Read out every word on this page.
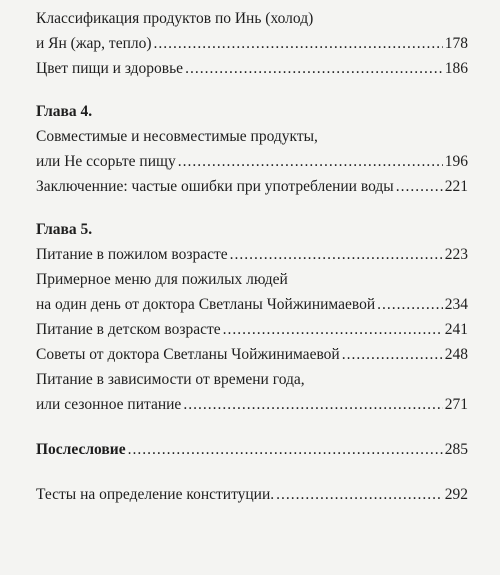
Классификация продуктов по Инь (холод)
и Ян (жар, тепло) .....	178
Цвет пищи и здоровье .....	186
Глава 4.
Совместимые и несовместимые продукты,
или Не ссорьте пищу .....	196
Заключенние: частые ошибки при употреблении воды .....	221
Глава 5.
Питание в пожилом возрасте .....	223
Примерное меню для пожилых людей
на один день от доктора Светланы Чойжинимаевой .....	234
Питание в детском возрасте .....	241
Советы от доктора Светланы Чойжинимаевой .....	248
Питание в зависимости от времени года,
или сезонное питание .....	271
Послесловие .....	285
Тесты на определение конституции. .....	292
